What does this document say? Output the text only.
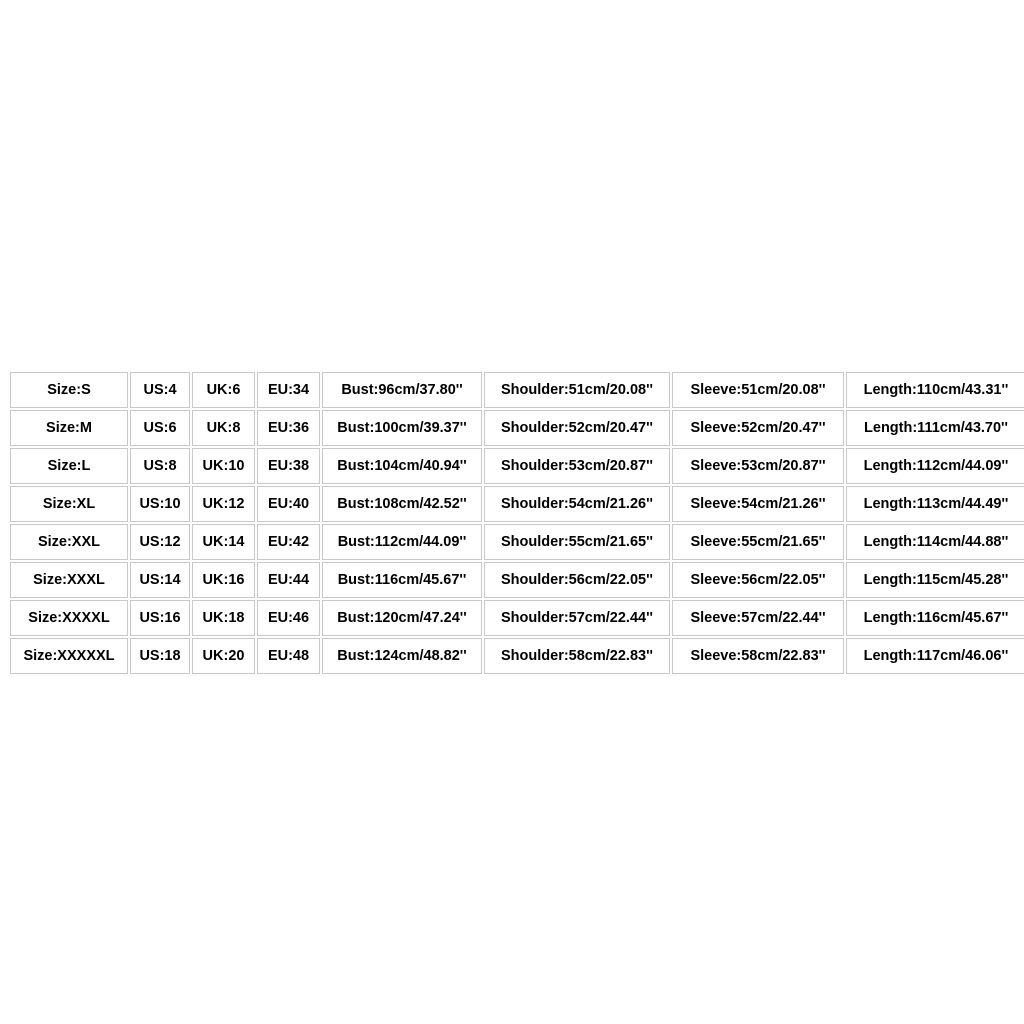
Size:S	US:4	UK:6	EU:34	Bust:96cm/37.80''	Shoulder:51cm/20.08''	Sleeve:51cm/20.08''	Length:110cm/43.31''
Size:M	US:6	UK:8	EU:36	Bust:100cm/39.37''	Shoulder:52cm/20.47''	Sleeve:52cm/20.47''	Length:111cm/43.70''
Size:L	US:8	UK:10	EU:38	Bust:104cm/40.94''	Shoulder:53cm/20.87''	Sleeve:53cm/20.87''	Length:112cm/44.09''
Size:XL	US:10	UK:12	EU:40	Bust:108cm/42.52''	Shoulder:54cm/21.26''	Sleeve:54cm/21.26''	Length:113cm/44.49''
Size:XXL	US:12	UK:14	EU:42	Bust:112cm/44.09''	Shoulder:55cm/21.65''	Sleeve:55cm/21.65''	Length:114cm/44.88''
Size:XXXL	US:14	UK:16	EU:44	Bust:116cm/45.67''	Shoulder:56cm/22.05''	Sleeve:56cm/22.05''	Length:115cm/45.28''
Size:XXXXL	US:16	UK:18	EU:46	Bust:120cm/47.24''	Shoulder:57cm/22.44''	Sleeve:57cm/22.44''	Length:116cm/45.67''
Size:XXXXXL	US:18	UK:20	EU:48	Bust:124cm/48.82''	Shoulder:58cm/22.83''	Sleeve:58cm/22.83''	Length:117cm/46.06''
